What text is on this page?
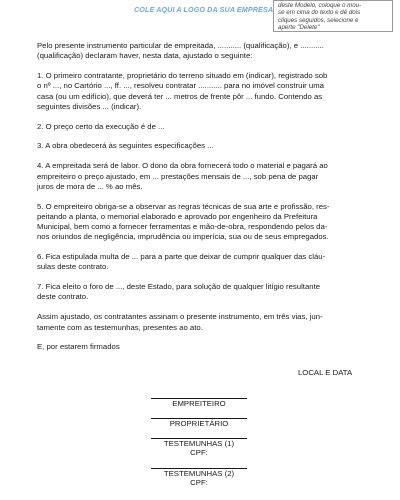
COLE AQUI A LOGO DA SUA EMPRESA deste Modelo, coloque o mou-
se em cima do texto e dê dois
cliques seguidos, selecione e
aperte "Delete"

Pelo presente instrumento particular de empreitada, ........... (qualificação), e ...........
(qualificação) declaram haver, nesta data, ajustado o seguinte:

1. O primeiro contratante, proprietário do terreno situado em (indicar), registrado sob
o nº ..., no Cartório ..., ff. ..., resolveu contratar ........... para no imóvel construir uma
casa (ou um edifício), que deverá ter ... metros de frente pôr ... fundo. Contendo as
seguintes divisões ... (indicar).

2. O preço certo da execução é de ...

3. A obra obedecerá às seguintes especificações ...

4. A empreitada será de labor. O dono da obra fornecerá todo o material e pagará ao
empreiteiro o preço ajustado, em ... prestações mensais de ..., sob pena de pagar
juros de mora de ... % ao mês.

5. O empreiteiro obriga-se a observar as regras técnicas de sua arte e profissão, res-
peitando a planta, o memorial elaborado e aprovado por engenheiro da Prefeitura
Municipal, bem como a fornecer ferramentas e mão-de-obra, respondendo pelos da-
nos oriundos de negligência, imprudência ou imperícia, sua ou de seus empregados.

6. Fica estipulada multa de ... para a parte que deixar de cumprir qualquer das cláu-
sulas deste contrato.

7. Fica eleito o foro de ..., deste Estado, para solução de qualquer litígio resultante
deste contrato.

Assim ajustado, os contratantes assinam o presente instrumento, em três vias, jun-
tamente com as testemunhas, presentes ao ato.

E, por estarem firmados

LOCAL E DATA
EMPREITEIRO
PROPRIETÁRIO
TESTEMUNHAS (1)
CPF:
TESTEMUNHAS (2)
CPF:
